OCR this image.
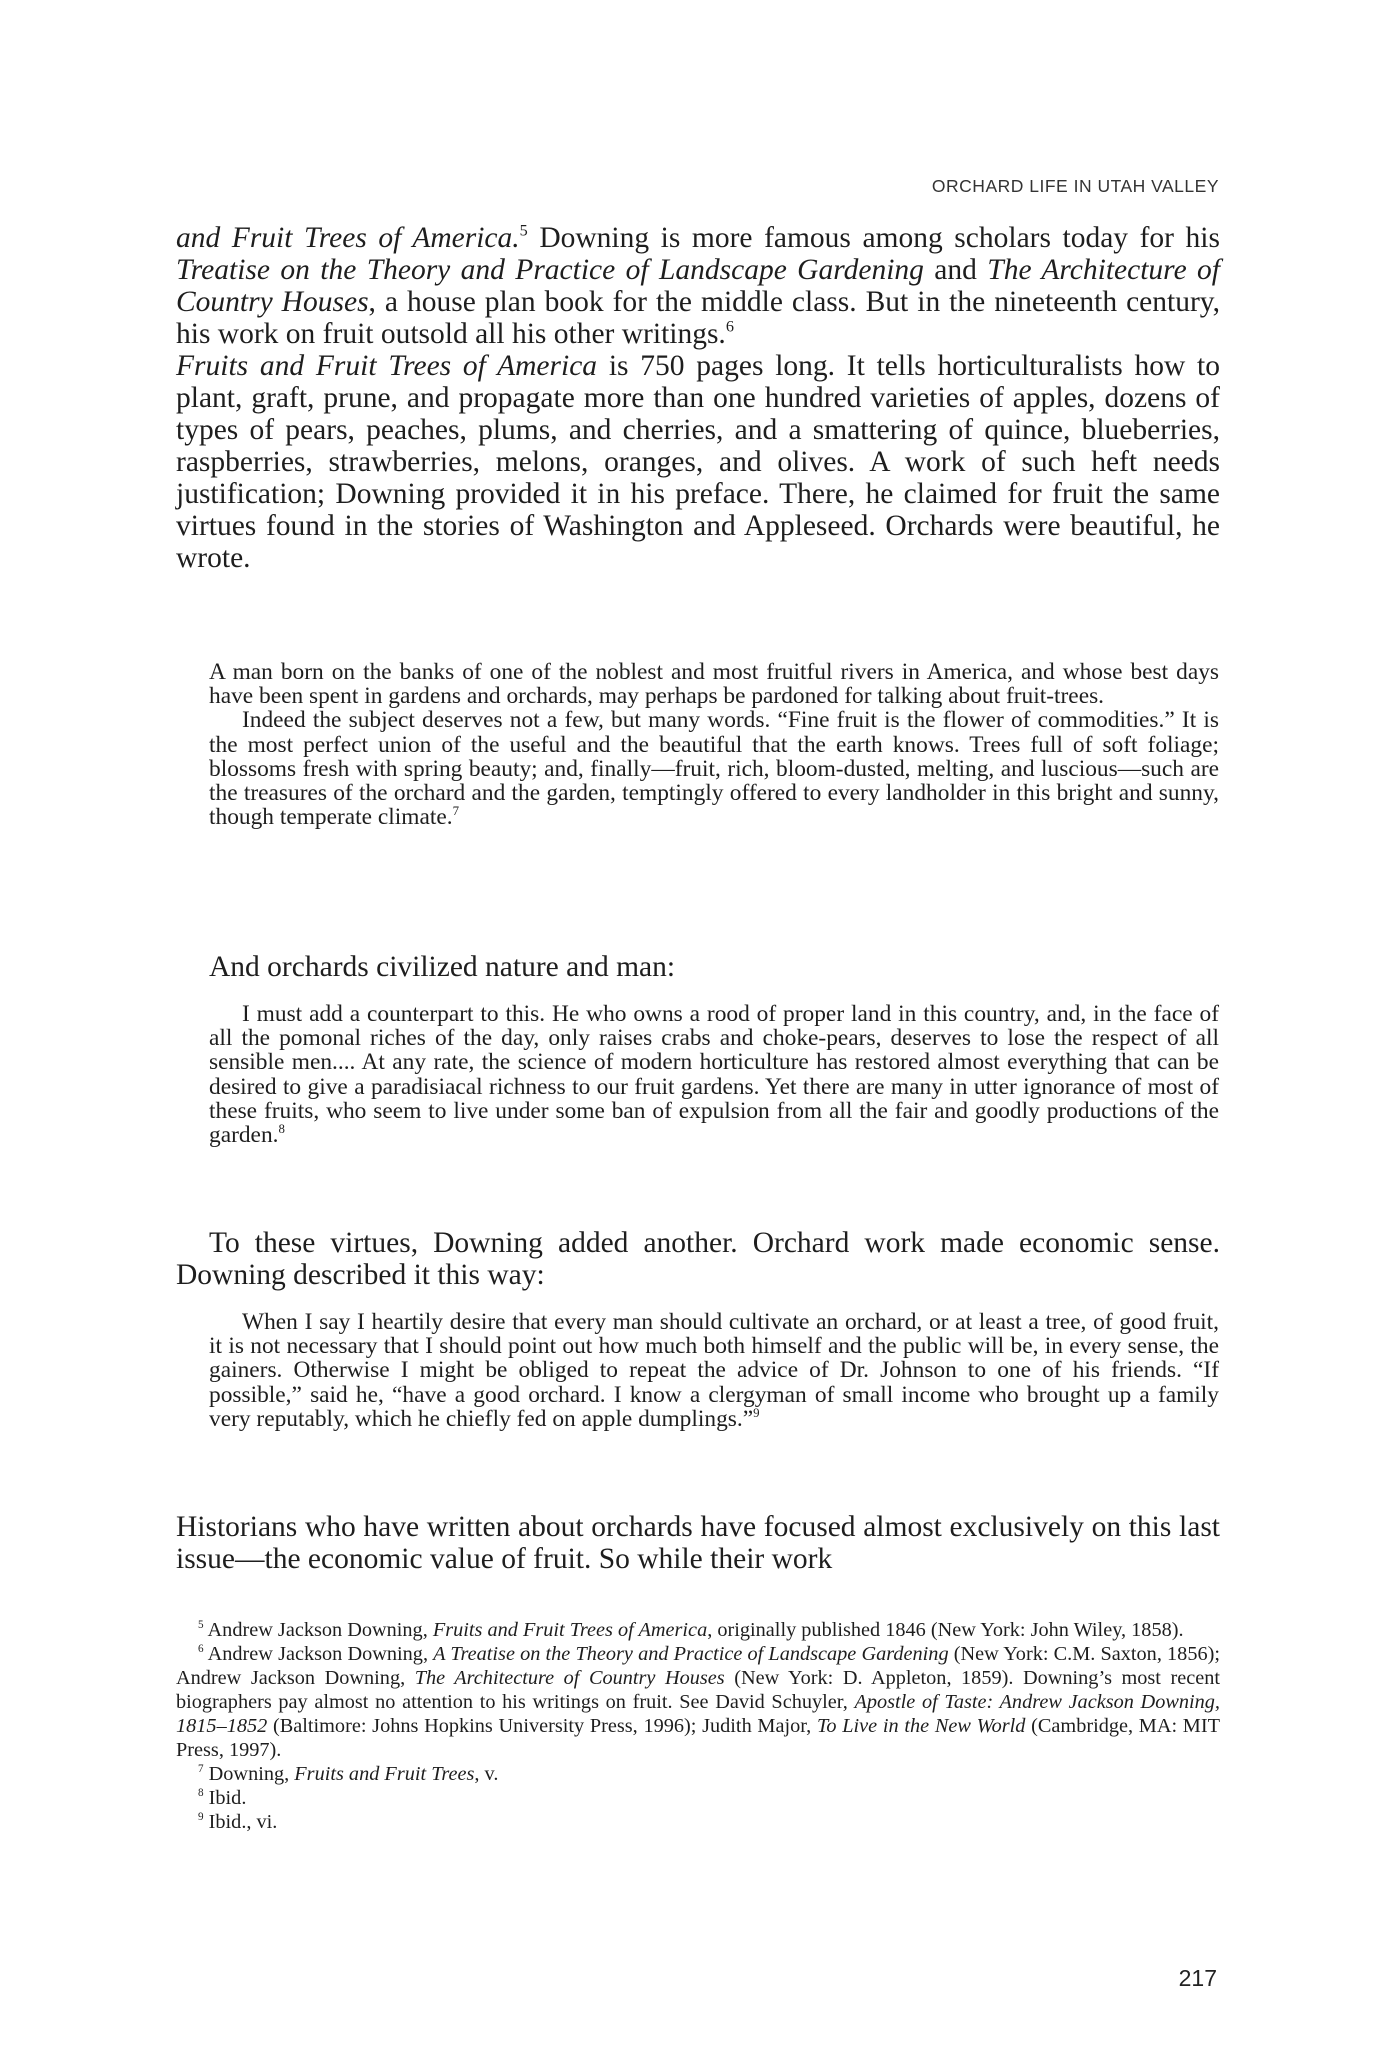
ORCHARD LIFE IN UTAH VALLEY

and Fruit Trees of America.$^5$ Downing is more famous among scholars today for his Treatise on the Theory and Practice of Landscape Gardening and The Architecture of Country Houses, a house plan book for the middle class. But in the nineteenth century, his work on fruit outsold all his other writings.$^6$

Fruits and Fruit Trees of America is 750 pages long. It tells horticulturalists how to plant, graft, prune, and propagate more than one hundred varieties of apples, dozens of types of pears, peaches, plums, and cherries, and a smattering of quince, blueberries, raspberries, strawberries, melons, oranges, and olives. A work of such heft needs justification; Downing provided it in his preface. There, he claimed for fruit the same virtues found in the stories of Washington and Appleseed. Orchards were beautiful, he wrote.

A man born on the banks of one of the noblest and most fruitful rivers in America, and whose best days have been spent in gardens and orchards, may perhaps be pardoned for talking about fruit-trees.

Indeed the subject deserves not a few, but many words. “Fine fruit is the flower of commodities.” It is the most perfect union of the useful and the beautiful that the earth knows. Trees full of soft foliage; blossoms fresh with spring beauty; and, finally—fruit, rich, bloom-dusted, melting, and luscious—such are the treasures of the orchard and the garden, temptingly offered to every landholder in this bright and sunny, though temperate climate.$^7$

And orchards civilized nature and man:

I must add a counterpart to this. He who owns a rood of proper land in this country, and, in the face of all the pomonal riches of the day, only raises crabs and choke-pears, deserves to lose the respect of all sensible men.... At any rate, the science of modern horticulture has restored almost everything that can be desired to give a paradisiacal richness to our fruit gardens. Yet there are many in utter ignorance of most of these fruits, who seem to live under some ban of expulsion from all the fair and goodly productions of the garden.$^8$

To these virtues, Downing added another. Orchard work made economic sense. Downing described it this way:

When I say I heartily desire that every man should cultivate an orchard, or at least a tree, of good fruit, it is not necessary that I should point out how much both himself and the public will be, in every sense, the gainers. Otherwise I might be obliged to repeat the advice of Dr. Johnson to one of his friends. “If possible,” said he, “have a good orchard. I know a clergyman of small income who brought up a family very reputably, which he chiefly fed on apple dumplings.”$^9$

Historians who have written about orchards have focused almost exclusively on this last issue—the economic value of fruit. So while their work

$^5$ Andrew Jackson Downing, Fruits and Fruit Trees of America, originally published 1846 (New York: John Wiley, 1858).

$^6$ Andrew Jackson Downing, A Treatise on the Theory and Practice of Landscape Gardening (New York: C.M. Saxton, 1856); Andrew Jackson Downing, The Architecture of Country Houses (New York: D. Appleton, 1859). Downing’s most recent biographers pay almost no attention to his writings on fruit. See David Schuyler, Apostle of Taste: Andrew Jackson Downing, 1815–1852 (Baltimore: Johns Hopkins University Press, 1996); Judith Major, To Live in the New World (Cambridge, MA: MIT Press, 1997).

$^7$ Downing, Fruits and Fruit Trees, v.

$^8$ Ibid.

$^9$ Ibid., vi.

217
